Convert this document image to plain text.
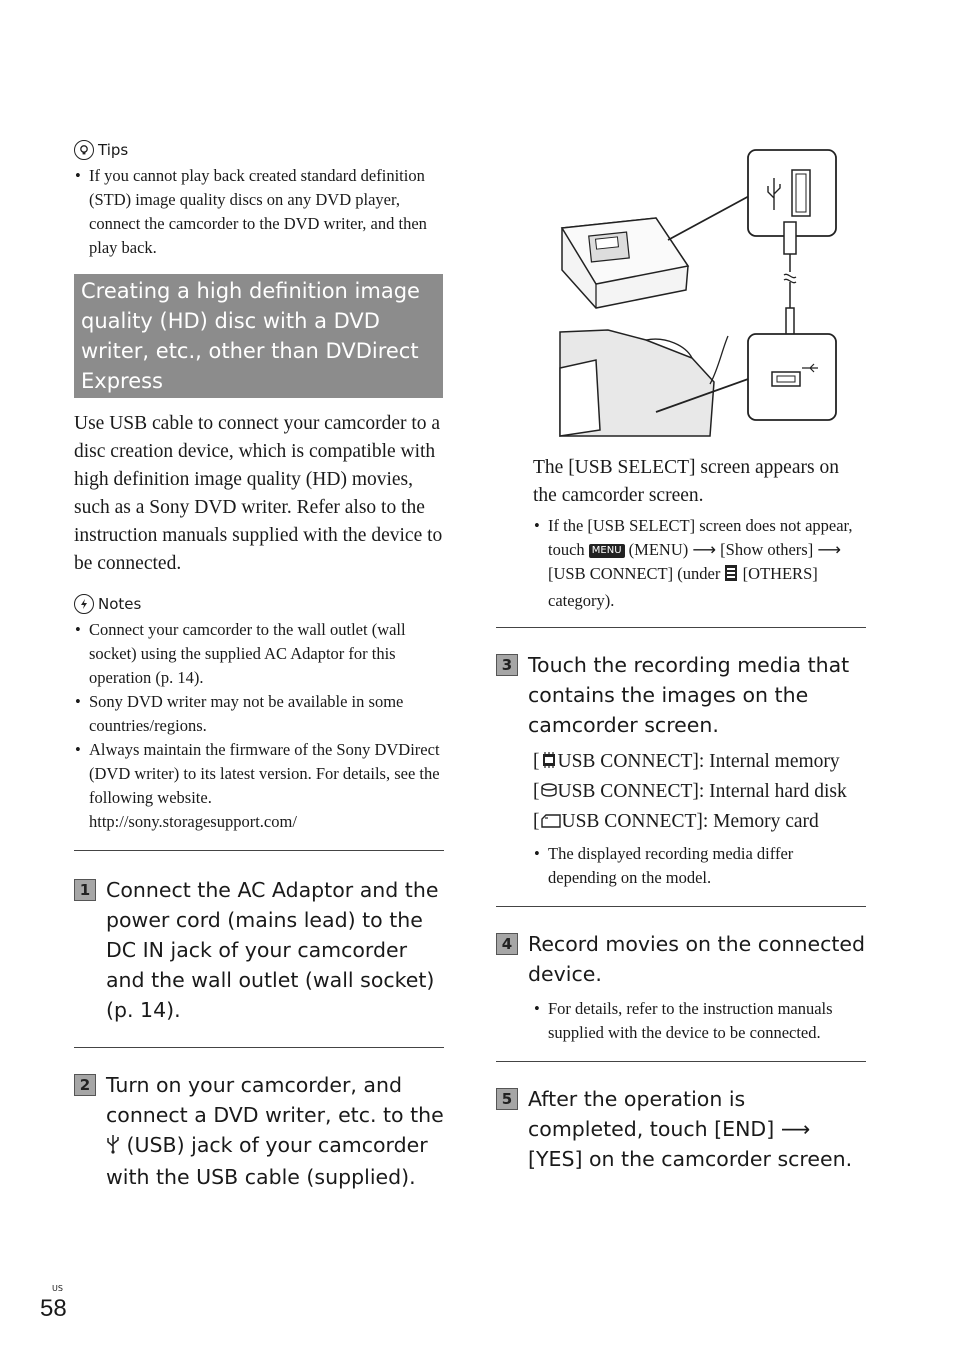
Tips
• If you cannot play back created standard definition (STD) image quality discs on any DVD player, connect the camcorder to the DVD writer, and then play back.
Creating a high definition image quality (HD) disc with a DVD writer, etc., other than DVDirect Express
Use USB cable to connect your camcorder to a disc creation device, which is compatible with high definition image quality (HD) movies, such as a Sony DVD writer. Refer also to the instruction manuals supplied with the device to be connected.
Notes
• Connect your camcorder to the wall outlet (wall socket) using the supplied AC Adaptor for this operation (p. 14).
• Sony DVD writer may not be available in some countries/regions.
• Always maintain the firmware of the Sony DVDirect (DVD writer) to its latest version. For details, see the following website.
http://sony.storagesupport.com/
1 Connect the AC Adaptor and the power cord (mains lead) to the DC IN jack of your camcorder and the wall outlet (wall socket) (p. 14).
2 Turn on your camcorder, and connect a DVD writer, etc. to the  (USB) jack of your camcorder with the USB cable (supplied).
The [USB SELECT] screen appears on the camcorder screen.
• If the [USB SELECT] screen does not appear, touch MENU (MENU) ⟶ [Show others] ⟶ [USB CONNECT] (under [OTHERS] category).
3 Touch the recording media that contains the images on the camcorder screen.
[ USB CONNECT]: Internal memory
[ USB CONNECT]: Internal hard disk
[ USB CONNECT]: Memory card
• The displayed recording media differ depending on the model.
4 Record movies on the connected device.
• For details, refer to the instruction manuals supplied with the device to be connected.
5 After the operation is completed, touch [END] ⟶ [YES] on the camcorder screen.
US
58
